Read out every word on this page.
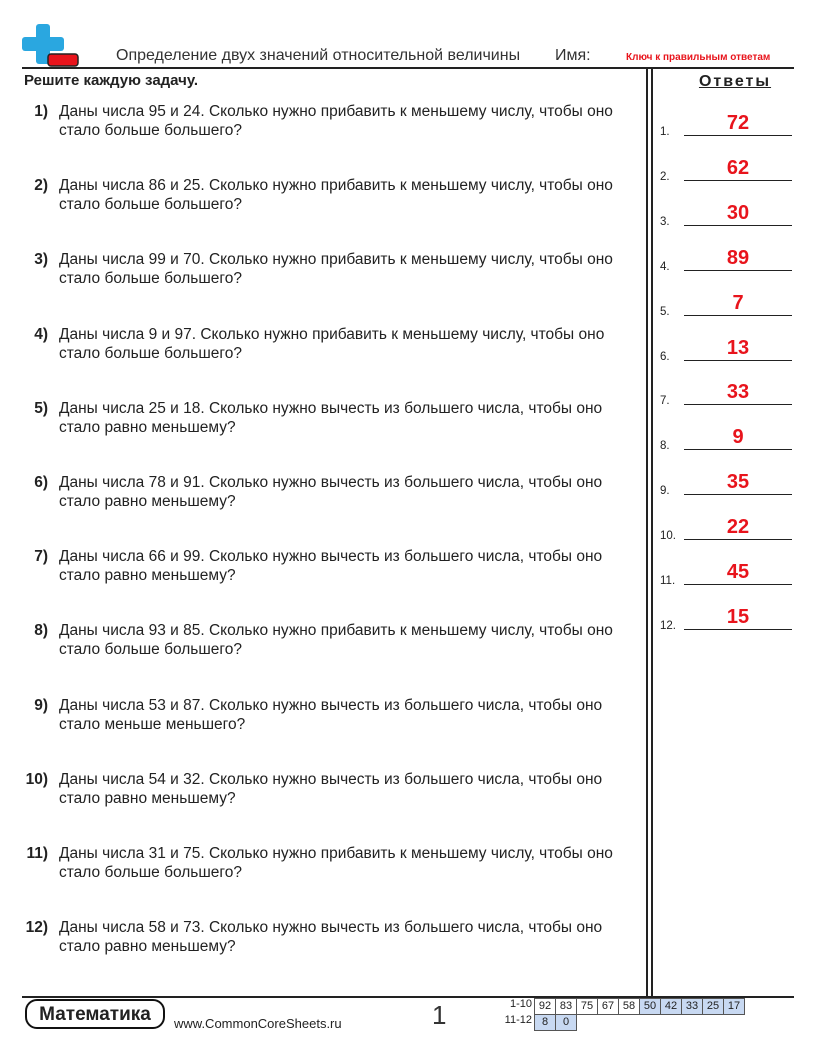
Определение двух значений относительной величины Имя:	Ключ к правильным ответам
Решите каждую задачу.	Ответы
1) Даны числа 95 и 24. Сколько нужно прибавить к меньшему числу, чтобы оно
стало больше большего?
2) Даны числа 86 и 25. Сколько нужно прибавить к меньшему числу, чтобы оно
стало больше большего?
3) Даны числа 99 и 70. Сколько нужно прибавить к меньшему числу, чтобы оно
стало больше большего?
4) Даны числа 9 и 97. Сколько нужно прибавить к меньшему числу, чтобы оно
стало больше большего?
5) Даны числа 25 и 18. Сколько нужно вычесть из большего числа, чтобы оно
стало равно меньшему?
6) Даны числа 78 и 91. Сколько нужно вычесть из большего числа, чтобы оно
стало равно меньшему?
7) Даны числа 66 и 99. Сколько нужно вычесть из большего числа, чтобы оно
стало равно меньшему?
8) Даны числа 93 и 85. Сколько нужно прибавить к меньшему числу, чтобы оно
стало больше большего?
9) Даны числа 53 и 87. Сколько нужно вычесть из большего числа, чтобы оно
стало меньше меньшего?
10) Даны числа 54 и 32. Сколько нужно вычесть из большего числа, чтобы оно
стало равно меньшему?
11) Даны числа 31 и 75. Сколько нужно прибавить к меньшему числу, чтобы оно
стало больше большего?
12) Даны числа 58 и 73. Сколько нужно вычесть из большего числа, чтобы оно
стало равно меньшему?
1.	72
2.	62
3.	30
4.	89
5.	7
6.	13
7.	33
8.	9
9.	35
10.	22
11.	45
12.	15
Математика	www.CommonCoreSheets.ru	1	1-10 92 83 75 67 58 50 42 33 25 17
11-12 8	0
